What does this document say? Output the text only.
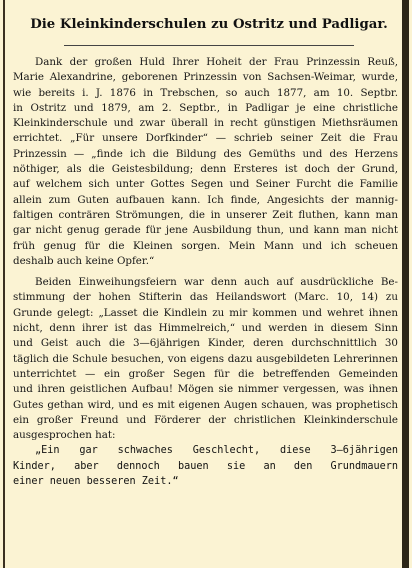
Die Kleinkinderschulen zu Ostritz und Padligar.
Dank der großen Huld Ihrer Hoheit der Frau Prinzessin Reuß,
Marie Alexandrine, geborenen Prinzessin von Sachsen-Weimar, wurde,
wie bereits i. J. 1876 in Trebschen, so auch 1877, am 10. Septbr.
in Ostritz und 1879, am 2. Septbr., in Padligar je eine christliche
Kleinkinderschule und zwar überall in recht günstigen Miethsräumen
errichtet. „Für unsere Dorfkinder“ — schrieb seiner Zeit die Frau
Prinzessin — „finde ich die Bildung des Gemüths und des Herzens
nöthiger, als die Geistesbildung; denn Ersteres ist doch der Grund,
auf welchem sich unter Gottes Segen und Seiner Furcht die Familie
allein zum Guten aufbauen kann. Ich finde, Angesichts der mannig-
faltigen conträren Strömungen, die in unserer Zeit fluthen, kann man
gar nicht genug gerade für jene Ausbildung thun, und kann man nicht
früh genug für die Kleinen sorgen. Mein Mann und ich scheuen
deshalb auch keine Opfer.“
Beiden Einweihungsfeiern war denn auch auf ausdrückliche Be-
stimmung der hohen Stifterin das Heilandswort (Marc. 10, 14) zu
Grunde gelegt: „Lasset die Kindlein zu mir kommen und wehret ihnen
nicht, denn ihrer ist das Himmelreich,“ und werden in diesem Sinn
und Geist auch die 3—6jährigen Kinder, deren durchschnittlich 30
täglich die Schule besuchen, von eigens dazu ausgebildeten Lehrerinnen
unterrichtet — ein großer Segen für die betreffenden Gemeinden
und ihren geistlichen Aufbau! Mögen sie nimmer vergessen, was ihnen
Gutes gethan wird, und es mit eigenen Augen schauen, was prophetisch
ein großer Freund und Förderer der christlichen Kleinkinderschule
ausgesprochen hat:
„Ein gar schwaches Geschlecht, diese 3—6jährigen
Kinder, aber dennoch bauen sie an den Grundmauern
einer neuen besseren Zeit.“
